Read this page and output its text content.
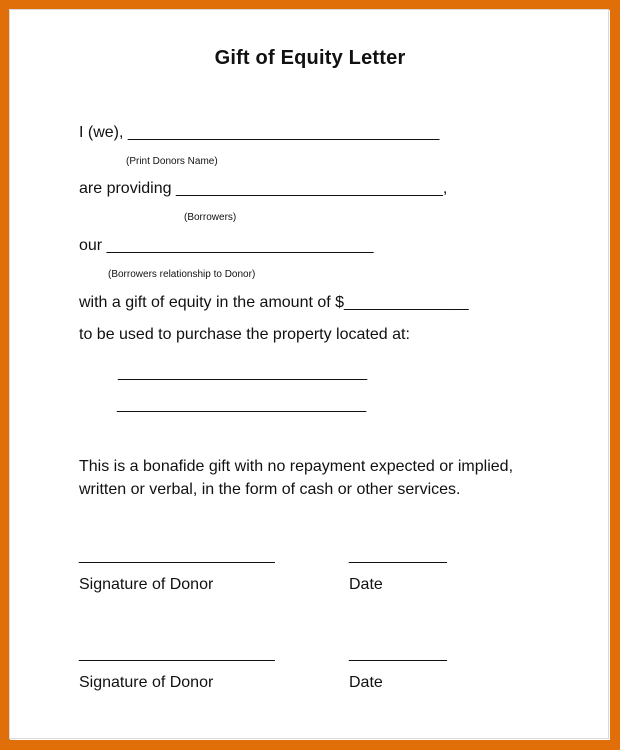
Gift of Equity Letter
I (we), ___________________________________
(Print Donors Name)
are providing ______________________________,
(Borrowers)
our ______________________________
(Borrowers relationship to Donor)
with a gift of equity in the amount of $______________
to be used to purchase the property located at:
____________________________
____________________________
This is a bonafide gift with no repayment expected or implied,
written or verbal, in the form of cash or other services.
______________________	___________
Signature of Donor	Date
______________________	___________
Signature of Donor	Date
